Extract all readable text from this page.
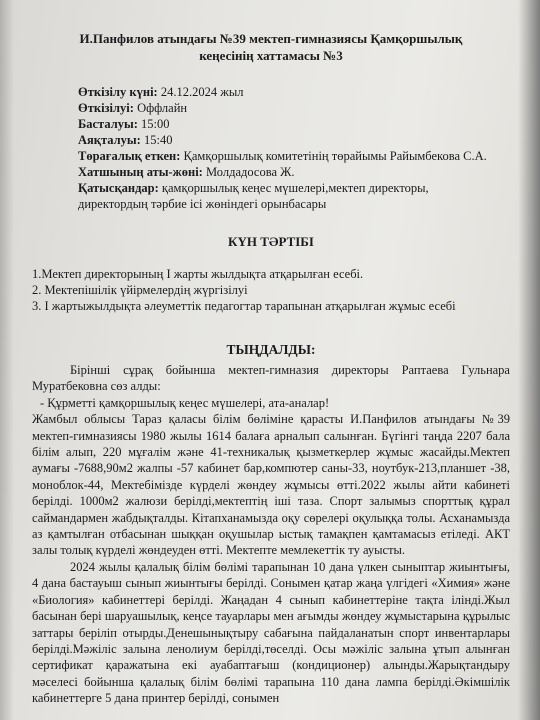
И.Панфилов атындағы №39 мектеп-гимназиясы Қамқоршылық
кеңесінің хаттамасы №3
Өткізілу күні: 24.12.2024 жыл
Өткізілуі: Оффлайн
Басталуы: 15:00
Аяқталуы: 15:40
Төрағалық еткен: Қамқоршылық комитетінің төрайымы Райымбекова С.А.
Хатшының аты-жөні: Молдадосова Ж.
Қатысқандар: қамқоршылық кеңес мүшелері,мектеп директоры,
директордың тәрбие ісі жөніндегі орынбасары
КҮН ТӘРТІБІ

1.Мектеп директорының І жарты жылдықта атқарылған есебі.

2. Мектепішілік үйірмелердің жүргізілуі

3. І жартыжылдықта әлеуметтік педагогтар тарапынан атқарылған жұмыс есебі

ТЫҢДАЛДЫ:

Бірінші сұрақ бойынша мектеп-гимназия директоры Раптаева Гульнара Муратбековна сөз алды:

- Құрметті қамқоршылық кеңес мүшелері, ата-аналар!

Жамбыл облысы Тараз қаласы білім бөлімінe қарасты И.Панфилов атындағы №39 мектеп-гимназиясы 1980 жылы 1614 балаға арналып салынған. Бүгінгі таңда 2207 бала білім алып, 220 мұғалім және 41-техникалық қызметкерлер жұмыс жасайды.Мектеп аумағы -7688,90м2 жалпы -57 кабинет бар,компютер саны-33, ноутбук-213,планшет -38, моноблок-44, Мектебімізде күрделі жөндеу жұмысы өтті.2022 жылы айти кабинеті берілді. 1000м2 жалюзи берілді,мектептің іші таза. Спорт залымыз спорттық құрал саймандармен жабдықталды. Кітапханамызда оқу сөрелері оқулыққа толы. Асханамызда аз қамтылған отбасынан шыққан оқушылар ыстық тамақпен қамтамасыз етіледі. АКТ залы толық күрделі жөндеуден өтті. Мектепте мемлекеттік ту ауысты.

2024 жылы қалалық білім бөлімі тарапынан 10 дана үлкен сыныптар жиынтығы, 4 дана бастауыш сынып жиынтығы берілді. Сонымен қатар жаңа үлгідегі «Химия» және «Биология» кабинеттері берілді. Жаңадан 4 сынып кабинеттеріне тақта ілінді.Жыл басынан бері шаруашылық, кеңсе тауарлары мен ағымды жөндеу жұмыстарына құрылыс заттары беріліп отырды.Денешынықтыру сабағына пайдаланатын спорт инвентарлары берілді.Мәжіліс залына ленолиум берілді,төселді. Осы мәжіліс залына ұтып алынған сертификат қаражатына екі ауабаптағыш (кондиционер) алынды.Жарықтандыру мәселесі бойынша қалалық білім бөлімі тарапына 110 дана лампа берілді.Әкімшілік кабинеттерге 5 дана принтер берілді, сонымен
